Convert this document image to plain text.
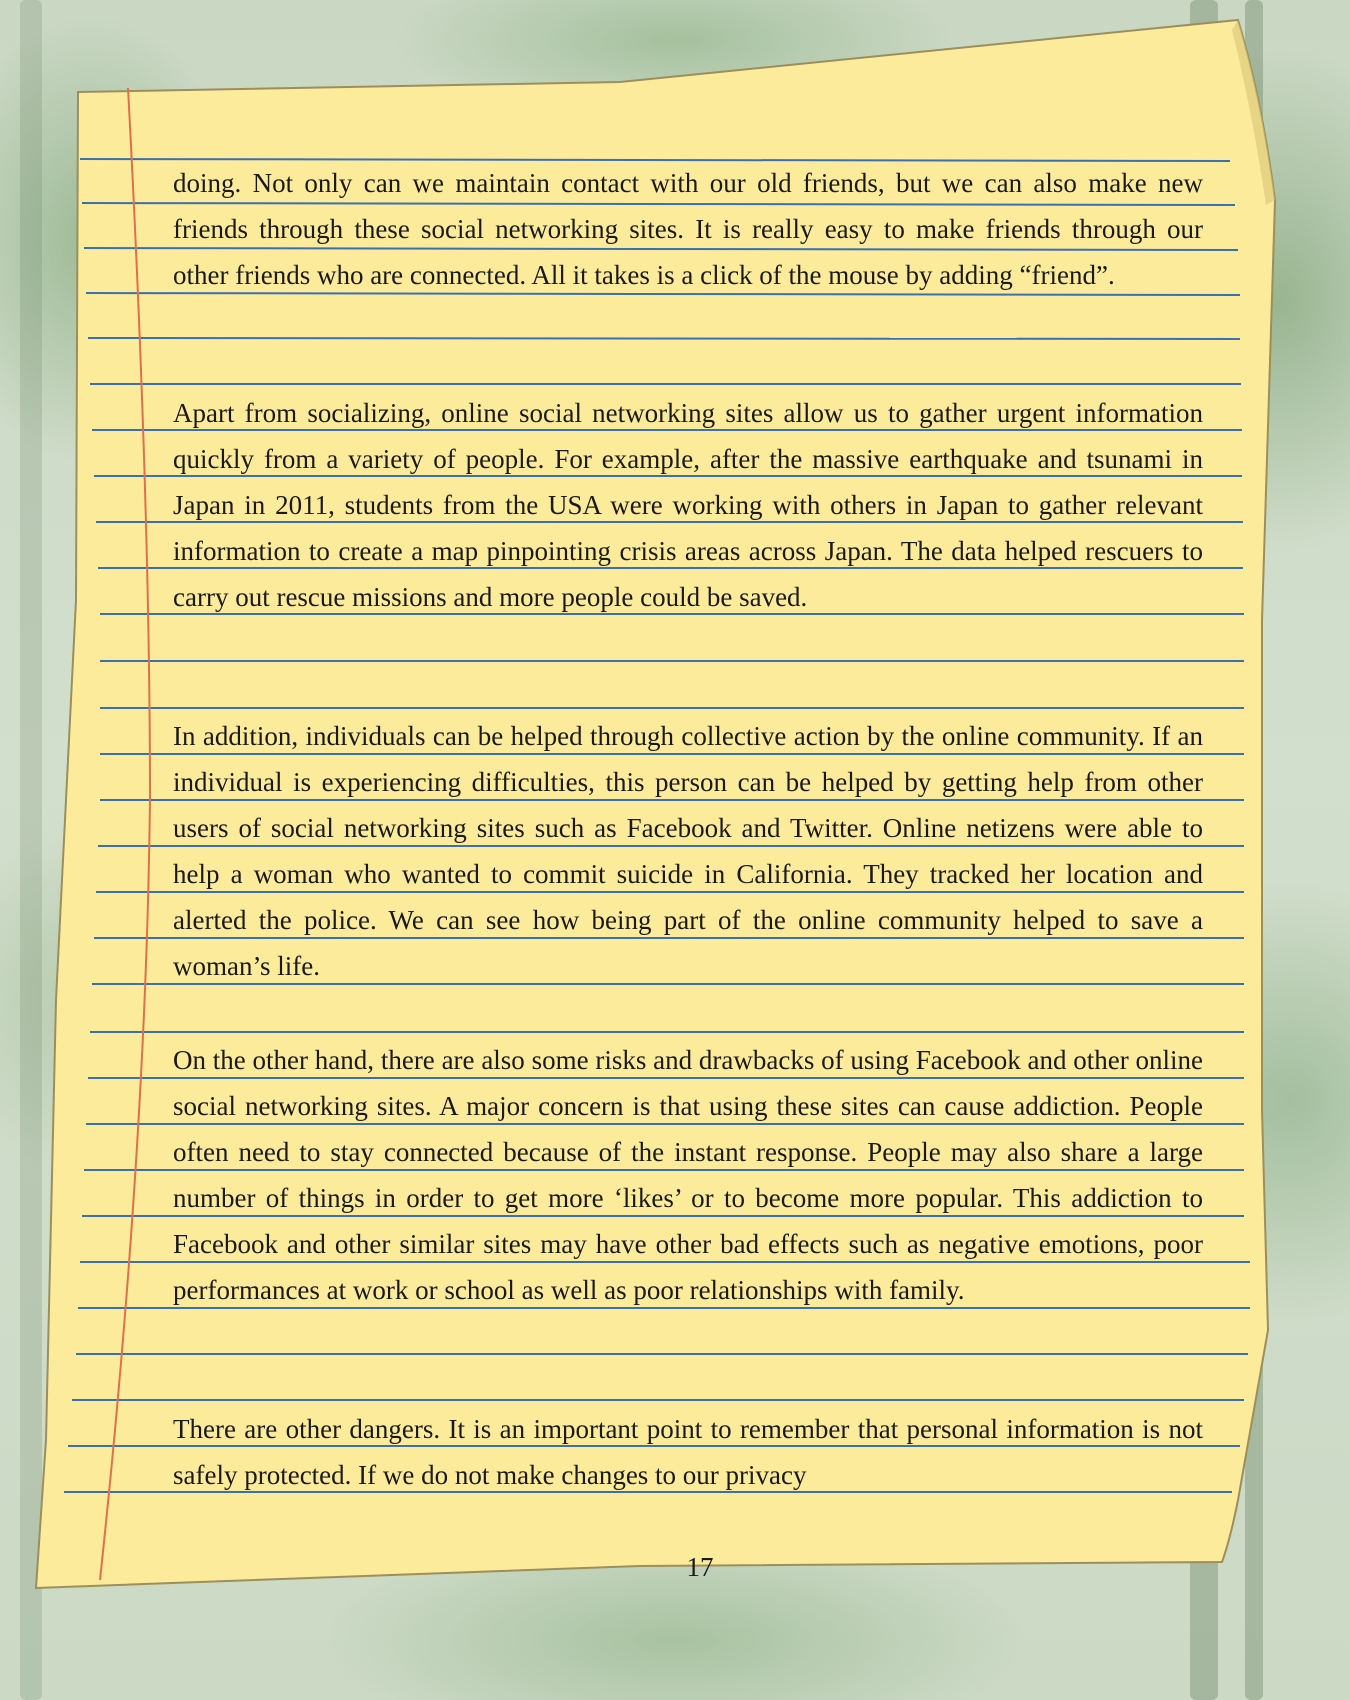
doing. Not only can we maintain contact with our old friends, but we can also make new friends through these social networking sites. It is really easy to make friends through our other friends who are connected. All it takes is a click of the mouse by adding “friend”.

Apart from socializing, online social networking sites allow us to gather urgent information quickly from a variety of people. For example, after the massive earthquake and tsunami in Japan in 2011, students from the USA were working with others in Japan to gather relevant information to create a map pinpointing crisis areas across Japan. The data helped rescuers to carry out rescue missions and more people could be saved.

In addition, individuals can be helped through collective action by the online community. If an individual is experiencing difficulties, this person can be helped by getting help from other users of social networking sites such as Facebook and Twitter. Online netizens were able to help a woman who wanted to commit suicide in California. They tracked her location and alerted the police. We can see how being part of the online community helped to save a woman’s life.

On the other hand, there are also some risks and drawbacks of using Facebook and other online social networking sites. A major concern is that using these sites can cause addiction. People often need to stay connected because of the instant response. People may also share a large number of things in order to get more ‘likes’ or to become more popular. This addiction to Facebook and other similar sites may have other bad effects such as negative emotions, poor performances at work or school as well as poor relationships with family.

There are other dangers. It is an important point to remember that personal information is not safely protected. If we do not make changes to our privacy

17
